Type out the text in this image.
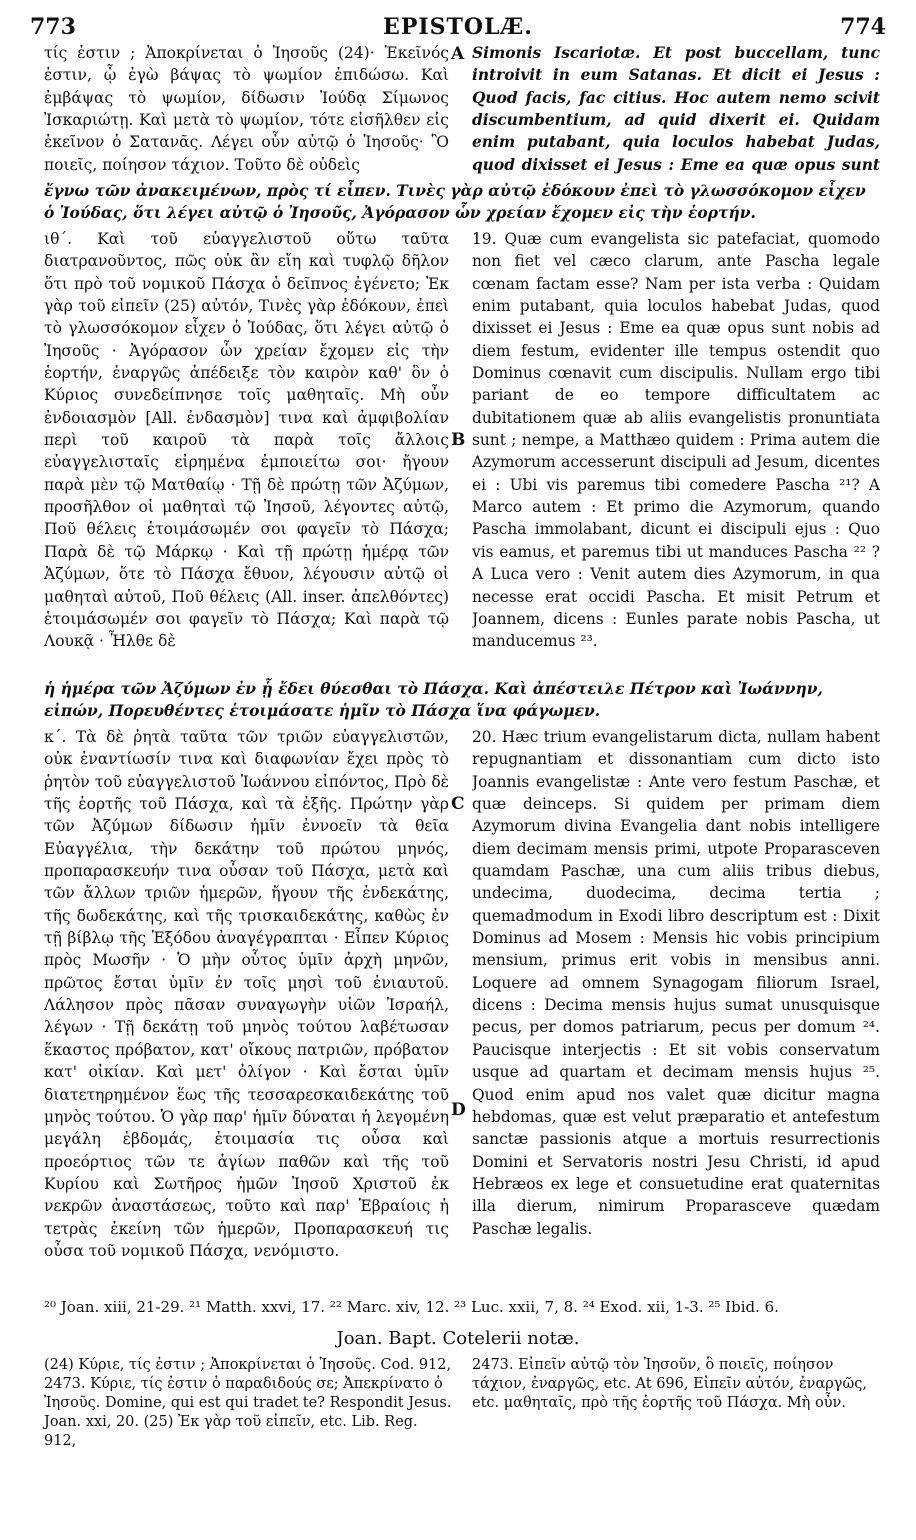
773	EPISTOLÆ.	774
τίς ἐστιν ; Ἀποκρίνεται ὁ Ἰησοῦς (24)· Ἐκεῖνός ἐστιν, ᾧ ἐγὼ βάψας τὸ ψωμίον ἐπιδώσω. Καὶ ἐμβάψας τὸ ψωμίον, δίδωσιν Ἰούδᾳ Σίμωνος Ἰσκαριώτῃ. Καὶ μετὰ τὸ ψωμίον, τότε εἰσῆλθεν εἰς ἐκεῖνον ὁ Σατανᾶς. Λέγει οὖν αὐτῷ ὁ Ἰησοῦς· Ὃ ποιεῖς, ποίησον τάχιον. Τοῦτο δὲ οὐδεὶς
A Simonis Iscariotæ. Et post buccellam, tunc introivit in eum Satanas. Et dicit ei Jesus : Quod facis, fac citius. Hoc autem nemo scivit discumbentium, ad quid dixerit ei. Quidam enim putabant, quia loculos habebat Judas, quod dixisset ei Jesus : Eme ea quæ opus sunt
ἔγνω τῶν ἀνακειμένων, πρὸς τί εἶπεν. Τινὲς γὰρ αὐτῷ ἐδόκουν ἐπεὶ τὸ γλωσσόκομον εἶχεν ὁ Ἰούδας, ὅτι λέγει αὐτῷ ὁ Ἰησοῦς, Ἀγόρασον ὧν χρείαν ἔχομεν εἰς τὴν ἑορτήν.
ιθ΄. Καὶ τοῦ εὐαγγελιστοῦ οὕτω ταῦτα διατρανοῦντος, πῶς οὐκ ἂν εἴη καὶ τυφλῷ δῆλον ὅτι πρὸ τοῦ νομικοῦ Πάσχα ὁ δεῖπνος ἐγένετο; Ἐκ γὰρ τοῦ εἰπεῖν (25) αὐτόν, Τινὲς γὰρ ἐδόκουν, ἐπεὶ τὸ γλωσσόκομον εἶχεν ὁ Ἰούδας, ὅτι λέγει αὐτῷ ὁ Ἰησοῦς · Ἀγόρασον ὧν χρείαν ἔχομεν εἰς τὴν ἑορτήν, ἐναργῶς ἀπέδειξε τὸν καιρὸν καθ' ὃν ὁ Κύριος συνεδείπνησε τοῖς μαθηταῖς. Μὴ οὖν ἐνδοιασμὸν [All. ἐνδασμὸν] τινα καὶ ἀμφιβολίαν περὶ τοῦ καιροῦ τὰ παρὰ τοῖς ἄλλοις εὐαγγελισταῖς εἰρημένα ἐμποιείτω σοι· ἤγουν παρὰ μὲν τῷ Ματθαίῳ · Τῇ δὲ πρώτῃ τῶν Ἀζύμων, προσῆλθον οἱ μαθηταὶ τῷ Ἰησοῦ, λέγοντες αὐτῷ, Ποῦ θέλεις ἑτοιμάσωμέν σοι φαγεῖν τὸ Πάσχα; Παρὰ δὲ τῷ Μάρκῳ · Καὶ τῇ πρώτῃ ἡμέρᾳ τῶν Ἀζύμων, ὅτε τὸ Πάσχα ἔθυον, λέγουσιν αὐτῷ οἱ μαθηταὶ αὐτοῦ, Ποῦ θέλεις (All. inser. ἀπελθόντες) ἑτοιμάσωμέν σοι φαγεῖν τὸ Πάσχα; Καὶ παρὰ τῷ Λουκᾷ · Ἦλθε δὲ
B
19. Quæ cum evangelista sic patefaciat, quomodo non fiet vel cæco clarum, ante Pascha legale cœnam factam esse? Nam per ista verba : Quidam enim putabant, quia loculos habebat Judas, quod dixisset ei Jesus : Eme ea quæ opus sunt nobis ad diem festum, evidenter ille tempus ostendit quo Dominus cœnavit cum discipulis. Nullam ergo tibi pariant de eo tempore difficultatem ac dubitationem quæ ab aliis evangelistis pronuntiata sunt ; nempe, a Matthæo quidem : Prima autem die Azymorum accesserunt discipuli ad Jesum, dicentes ei : Ubi vis paremus tibi comedere Pascha ²¹? A Marco autem : Et primo die Azymorum, quando Pascha immolabant, dicunt ei discipuli ejus : Quo vis eamus, et paremus tibi ut manduces Pascha ²² ? A Luca vero : Venit autem dies Azymorum, in qua necesse erat occidi Pascha. Et misit Petrum et Joannem, dicens : Eunles parate nobis Pascha, ut manducemus ²³.
ἡ ἡμέρα τῶν Ἀζύμων ἐν ᾗ ἔδει θύεσθαι τὸ Πάσχα. Καὶ ἀπέστειλε Πέτρον καὶ Ἰωάννην, εἰπών, Πορευθέντες ἑτοιμάσατε ἡμῖν τὸ Πάσχα ἵνα φάγωμεν.
κ΄. Τὰ δὲ ῥητὰ ταῦτα τῶν τριῶν εὐαγγελιστῶν, οὐκ ἐναντίωσίν τινα καὶ διαφωνίαν ἔχει πρὸς τὸ ῥητὸν τοῦ εὐαγγελιστοῦ Ἰωάννου εἰπόντος, Πρὸ δὲ τῆς ἑορτῆς τοῦ Πάσχα, καὶ τὰ ἑξῆς. Πρώτην γὰρ τῶν Ἀζύμων δίδωσιν ἡμῖν ἐννοεῖν τὰ θεῖα Εὐαγγέλια, τὴν δεκάτην τοῦ πρώτου μηνός, προπαρασκευήν τινα οὖσαν τοῦ Πάσχα, μετὰ καὶ τῶν ἄλλων τριῶν ἡμερῶν, ἤγουν τῆς ἑνδεκάτης, τῆς δωδεκάτης, καὶ τῆς τρισκαιδεκάτης, καθὼς ἐν τῇ βίβλῳ τῆς Ἐξόδου ἀναγέγραπται · Εἶπεν Κύριος πρὸς Μωσῆν · Ὁ μὴν οὗτος ὑμῖν ἀρχὴ μηνῶν, πρῶτος ἔσται ὑμῖν ἐν τοῖς μησὶ τοῦ ἐνιαυτοῦ. Λάλησον πρὸς πᾶσαν συναγωγὴν υἱῶν Ἰσραήλ, λέγων · Τῇ δεκάτῃ τοῦ μηνὸς τούτου λαβέτωσαν ἕκαστος πρόβατον, κατ' οἴκους πατριῶν, πρόβατον κατ' οἰκίαν. Καὶ μετ' ὀλίγον · Καὶ ἔσται ὑμῖν διατετηρημένον ἕως τῆς τεσσαρεσκαιδεκάτης τοῦ μηνὸς τούτου. Ὁ γὰρ παρ' ἡμῖν δύναται ἡ λεγομένη μεγάλη ἑβδομάς, ἑτοιμασία τις οὖσα καὶ προεόρτιος τῶν τε ἁγίων παθῶν καὶ τῆς τοῦ Κυρίου καὶ Σωτῆρος ἡμῶν Ἰησοῦ Χριστοῦ ἐκ νεκρῶν ἀναστάσεως, τοῦτο καὶ παρ' Ἑβραίοις ἡ τετρὰς ἐκείνη τῶν ἡμερῶν, Προπαρασκευή τις οὖσα τοῦ νομικοῦ Πάσχα, νενόμιστο.
C
D
20. Hæc trium evangelistarum dicta, nullam habent repugnantiam et dissonantiam cum dicto isto Joannis evangelistæ : Ante vero festum Paschæ, et quæ deinceps. Si quidem per primam diem Azymorum divina Evangelia dant nobis intelligere diem decimam mensis primi, utpote Proparasceven quamdam Paschæ, una cum aliis tribus diebus, undecima, duodecima, decima tertia ; quemadmodum in Exodi libro descriptum est : Dixit Dominus ad Mosem : Mensis hic vobis principium mensium, primus erit vobis in mensibus anni. Loquere ad omnem Synagogam filiorum Israel, dicens : Decima mensis hujus sumat unusquisque pecus, per domos patriarum, pecus per domum ²⁴. Paucisque interjectis : Et sit vobis conservatum usque ad quartam et decimam mensis hujus ²⁵. Quod enim apud nos valet quæ dicitur magna hebdomas, quæ est velut præparatio et antefestum sanctæ passionis atque a mortuis resurrectionis Domini et Servatoris nostri Jesu Christi, id apud Hebræos ex lege et consuetudine erat quaternitas illa dierum, nimirum Proparasceve quædam Paschæ legalis.
²⁰ Joan. xiii, 21-29. ²¹ Matth. xxvi, 17. ²² Marc. xiv, 12. ²³ Luc. xxii, 7, 8. ²⁴ Exod. xii, 1-3. ²⁵ Ibid. 6.
Joan. Bapt. Cotelerii notæ.
(24) Κύριε, τίς ἐστιν ; Ἀποκρίνεται ὁ Ἰησοῦς. Cod. 912, 2473. Κύριε, τίς ἐστιν ὁ παραδιδούς σε; Ἀπεκρίνατο ὁ Ἰησοῦς. Domine, qui est qui tradet te? Respondit Jesus. Joan. xxi, 20. (25) Ἐκ γὰρ τοῦ εἰπεῖν, etc. Lib. Reg. 912,
2473. Εἰπεῖν αὐτῷ τὸν Ἰησοῦν, ὃ ποιεῖς, ποίησον τάχιον, ἐναργῶς, etc. At 696, Εἰπεῖν αὐτόν, ἐναργῶς, etc. μαθηταῖς, πρὸ τῆς ἑορτῆς τοῦ Πάσχα. Μὴ οὖν.
